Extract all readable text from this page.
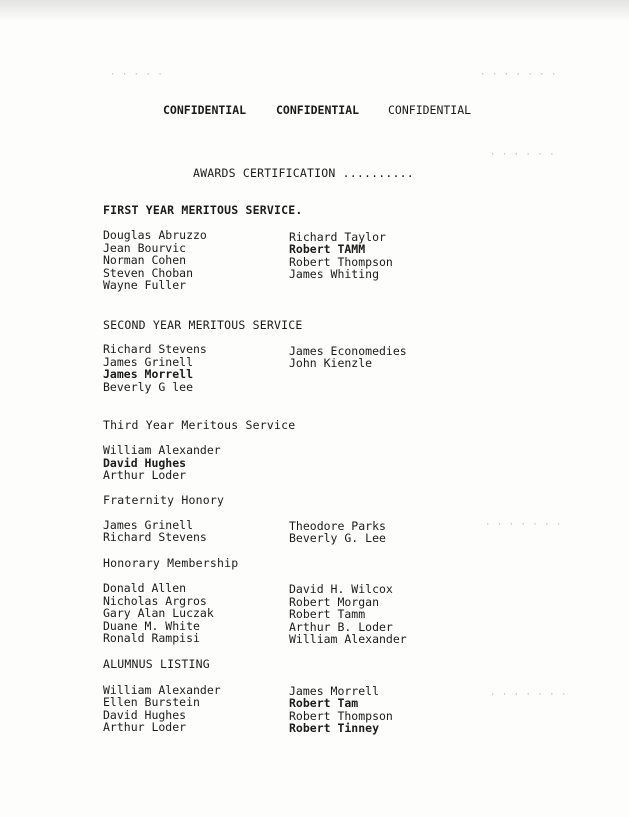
· · · · · · ·
· · · · · ·
· · · · · · ·
· · · · · · ·
· · · · ·
CONFIDENTIAL	CONFIDENTIAL	CONFIDENTIAL
AWARDS CERTIFICATION ..........
FIRST YEAR MERITOUS SERVICE.
Douglas Abruzzo
Jean Bourvic
Norman Cohen
Steven Choban
Wayne Fuller
Richard Taylor
Robert TAMM
Robert Thompson
James Whiting
SECOND YEAR MERITOUS SERVICE
Richard Stevens
James Grinell
James Morrell
Beverly G lee
James Economedies
John Kienzle
Third Year Meritous Service
William Alexander
David Hughes
Arthur Loder
Fraternity Honory
James Grinell
Richard Stevens
Theodore Parks
Beverly G. Lee
Honorary Membership
Donald Allen
Nicholas Argros
Gary Alan Luczak
Duane M. White
Ronald Rampisi
David H. Wilcox
Robert Morgan
Robert Tamm
Arthur B. Loder
William Alexander
ALUMNUS LISTING
William Alexander
Ellen Burstein
David Hughes
Arthur Loder
James Morrell
Robert Tam
Robert Thompson
Robert Tinney
